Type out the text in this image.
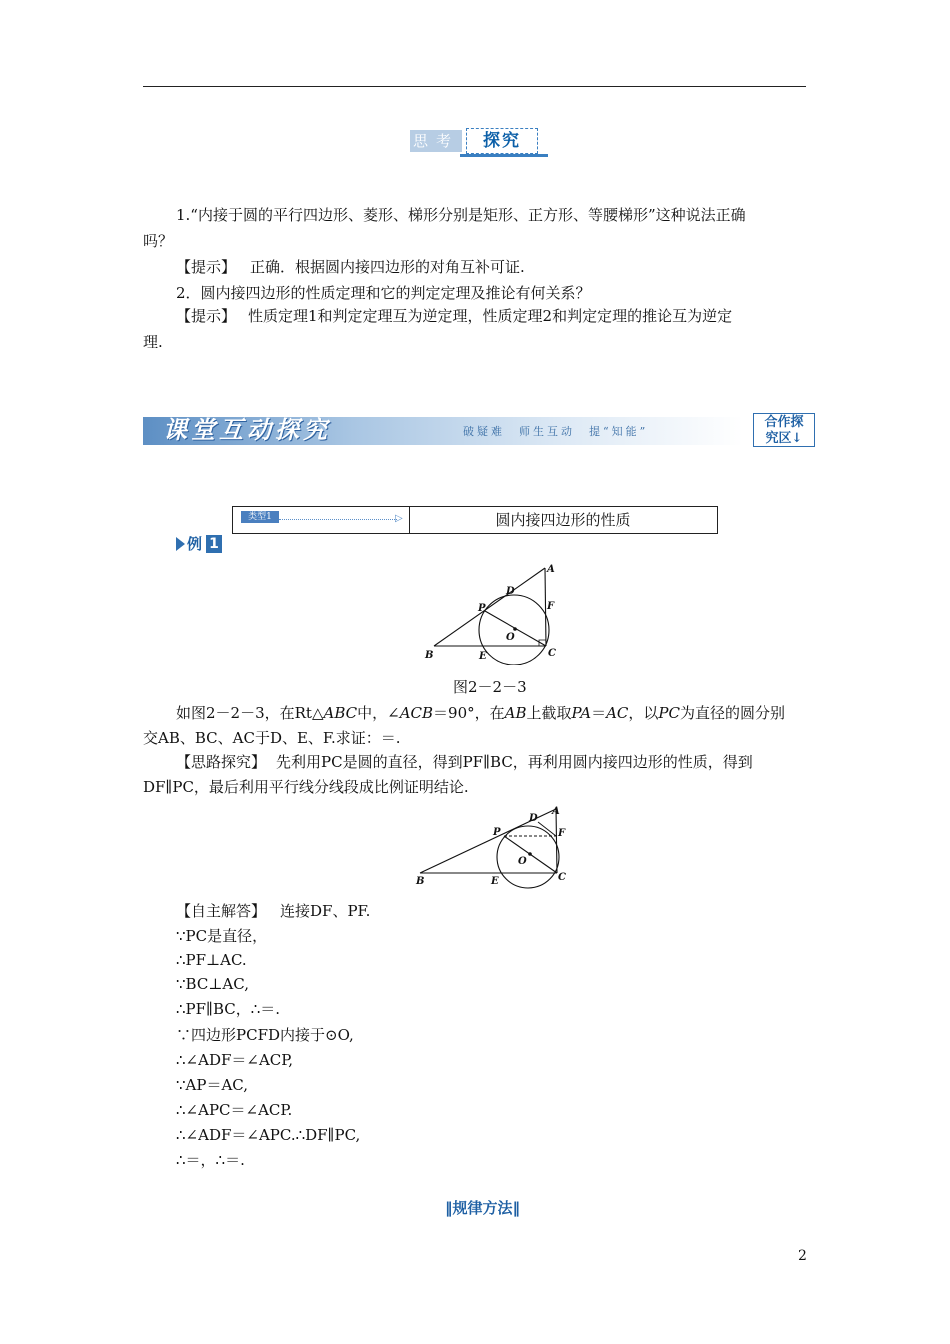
思考	探究
1.“内接于圆的平行四边形、菱形、梯形分别是矩形、正方形、等腰梯形”这种说法正确
吗？
【提示】 正确．根据圆内接四边形的对角互补可证.
2．圆内接四边形的性质定理和它的判定定理及推论有何关系？
【提示】 性质定理1和判定定理互为逆定理，性质定理2和判定定理的推论互为逆定
理.
课堂互动探究	破疑难　师生互动　提“知能”
合作探
究区↓
类型1	▷	圆内接四边形的性质
例 1
A
B	C
D
E
F
P
O
图2－2－3
如图2－2－3，在Rt△ABC中，∠ACB＝90°，在AB上截取PA＝AC，以PC为直径的圆分别
交AB、BC、AC于D、E、F.求证：＝.
【思路探究】 先利用PC是圆的直径，得到PF∥BC，再利用圆内接四边形的性质，得到
DF∥PC，最后利用平行线分线段成比例证明结论.
A
B	C
D
E
F
P
O
【自主解答】 连接DF、PF.
∵PC是直径，
∴PF⊥AC.
∵BC⊥AC,
∴PF∥BC，∴＝.
∵四边形PCFD内接于⊙O,
∴∠ADF＝∠ACP,
∵AP＝AC,
∴∠APC＝∠ACP.
∴∠ADF＝∠APC.∴DF∥PC,
∴＝，∴＝.
‖规律方法‖
2
